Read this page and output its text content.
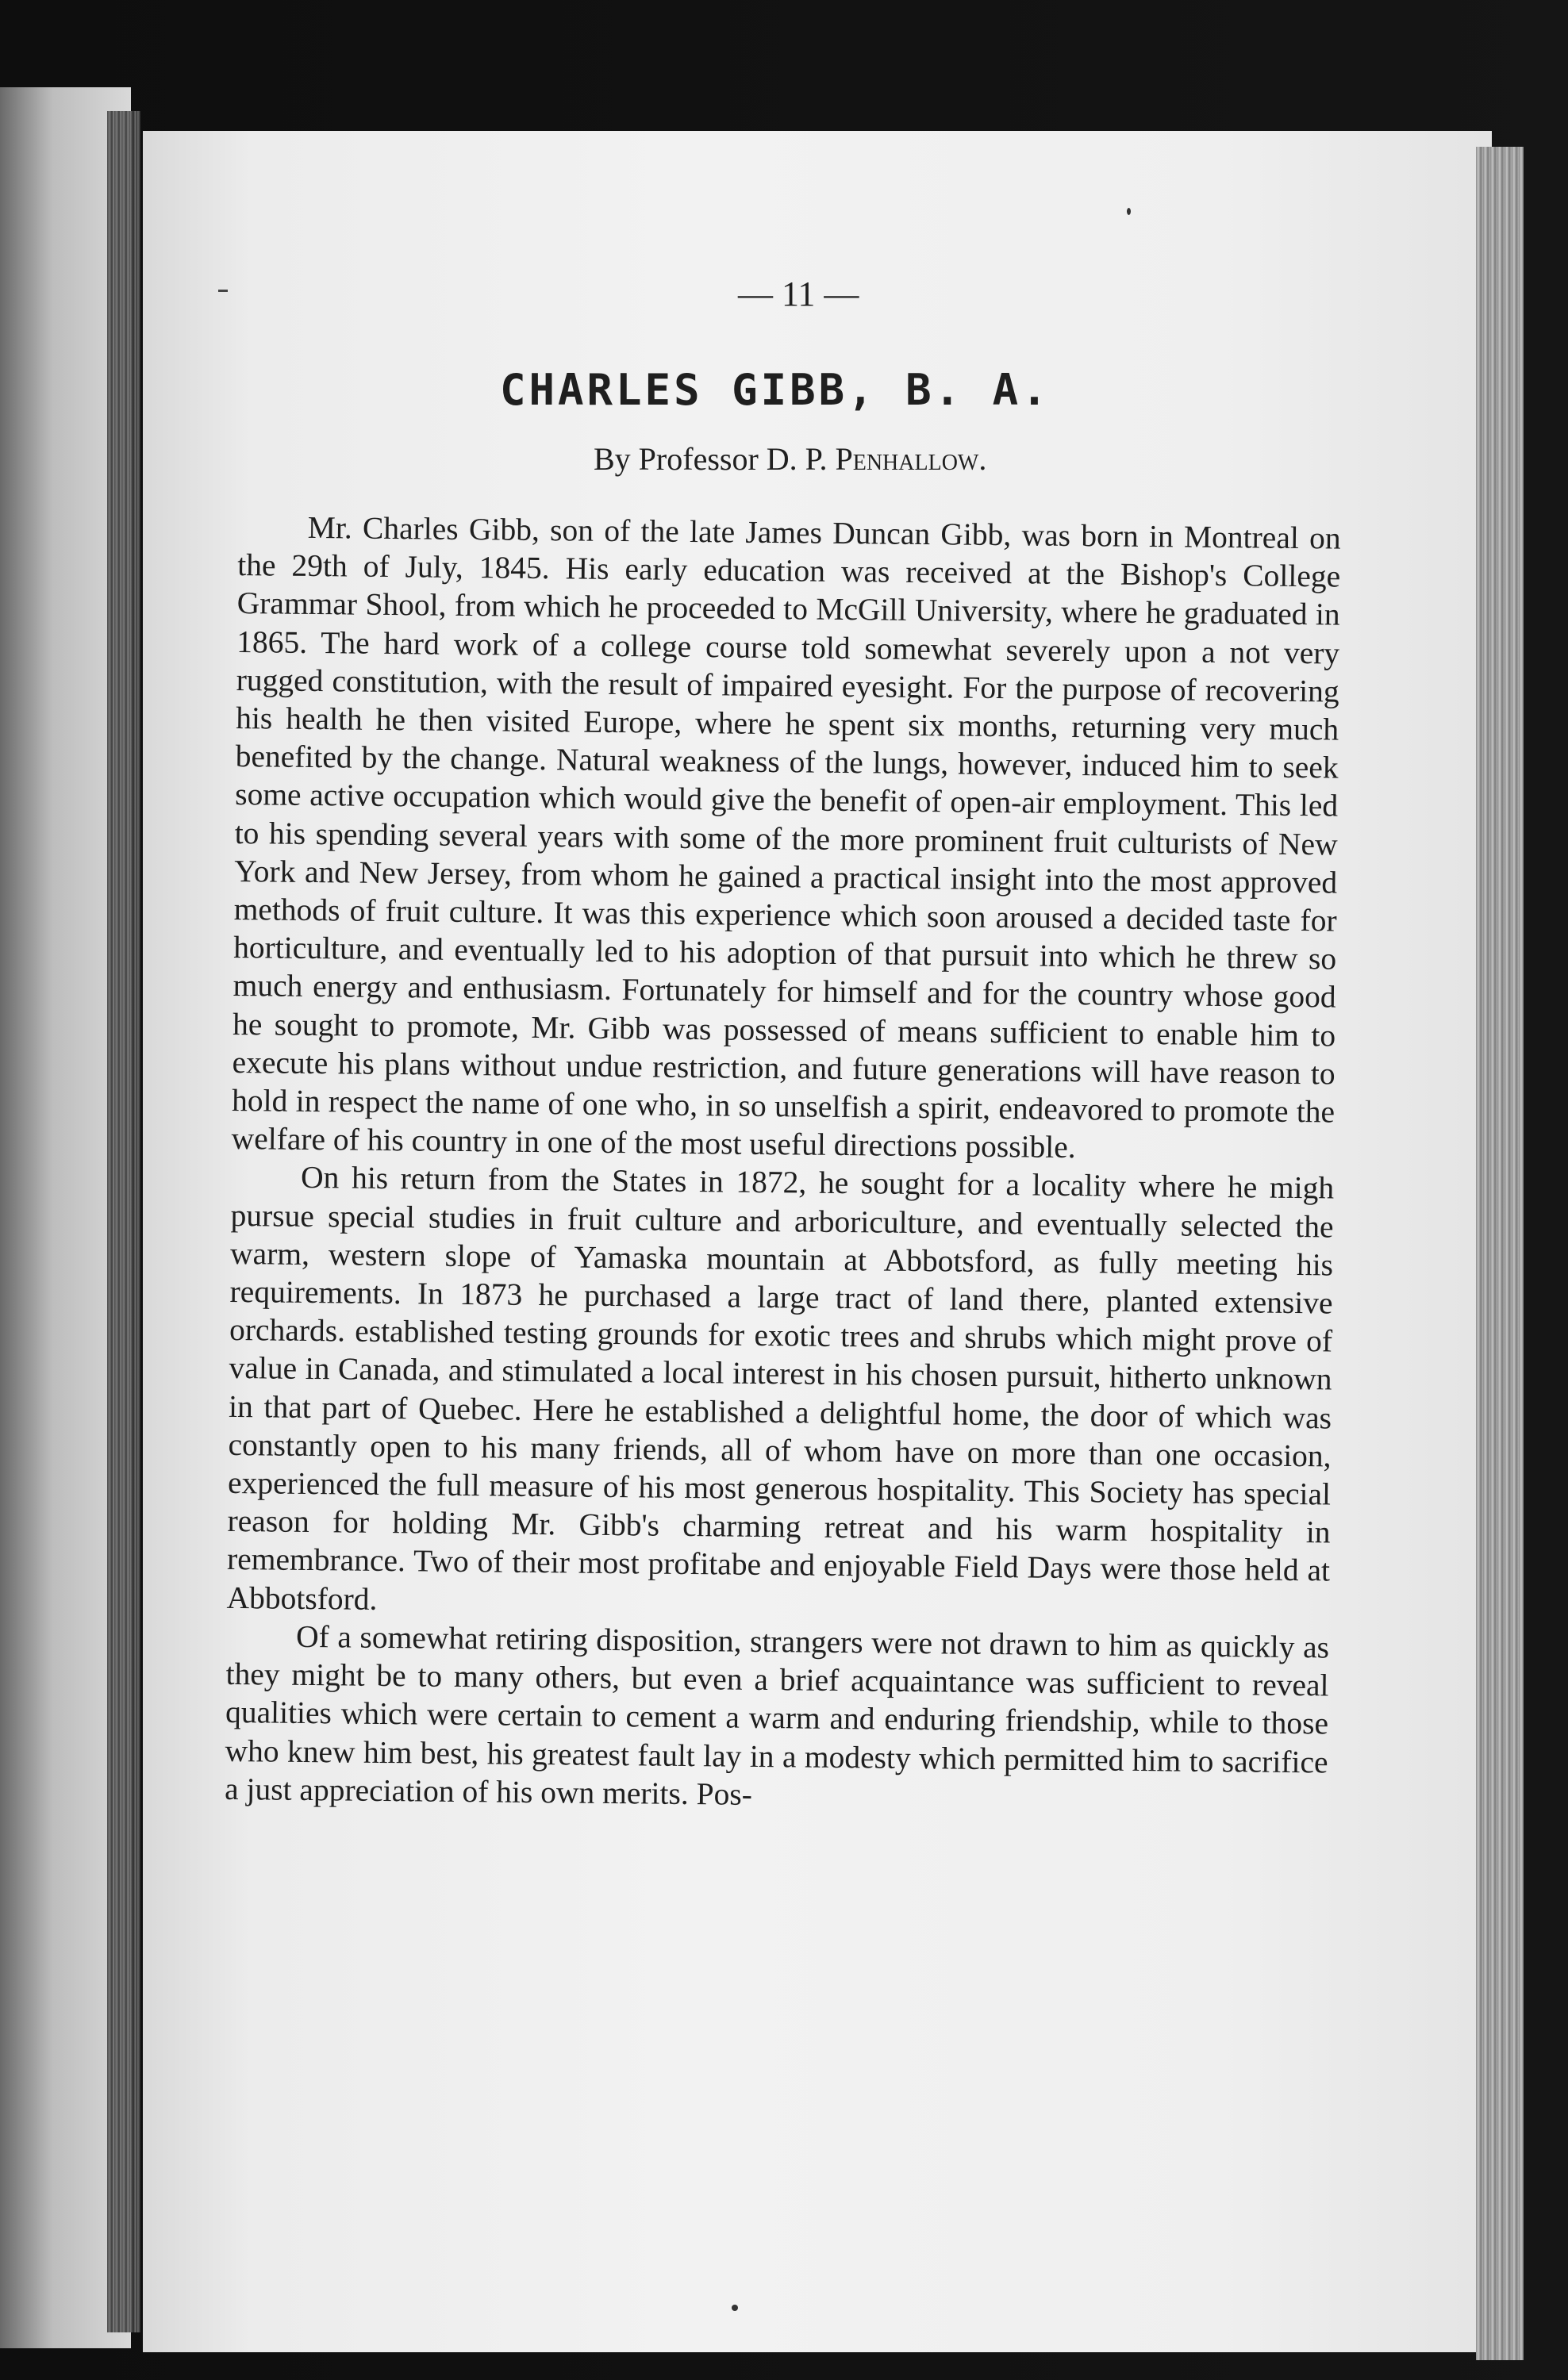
— 11 —
CHARLES GIBB, B. A.
By Professor D. P. Penhallow.

Mr. Charles Gibb, son of the late James Duncan Gibb, was born in Montreal on the 29th of July, 1845. His early education was received at the Bishop's College Grammar Shool, from which he proceeded to McGill University, where he graduated in 1865. The hard work of a college course told somewhat severely upon a not very rugged constitution, with the result of impaired eyesight. For the purpose of recovering his health he then visited Europe, where he spent six months, returning very much benefited by the change. Natural weakness of the lungs, however, induced him to seek some active occupation which would give the benefit of open-air employment. This led to his spending several years with some of the more prominent fruit culturists of New York and New Jersey, from whom he gained a practical insight into the most approved methods of fruit culture. It was this experience which soon aroused a decided taste for horticulture, and eventually led to his adoption of that pursuit into which he threw so much energy and enthusiasm. Fortunately for himself and for the country whose good he sought to promote, Mr. Gibb was possessed of means sufficient to enable him to execute his plans without undue restriction, and future generations will have reason to hold in respect the name of one who, in so unselfish a spirit, endeavored to promote the welfare of his country in one of the most useful directions possible.

On his return from the States in 1872, he sought for a locality where he migh pursue special studies in fruit culture and arboriculture, and eventually selected the warm, western slope of Yamaska mountain at Abbotsford, as fully meeting his requirements. In 1873 he purchased a large tract of land there, planted extensive orchards. established testing grounds for exotic trees and shrubs which might prove of value in Canada, and stimulated a local interest in his chosen pursuit, hitherto unknown in that part of Quebec. Here he established a delightful home, the door of which was constantly open to his many friends, all of whom have on more than one occasion, experienced the full measure of his most generous hospitality. This Society has special reason for holding Mr. Gibb's charming retreat and his warm hospitality in remembrance. Two of their most profitabe and enjoyable Field Days were those held at Abbotsford.

Of a somewhat retiring disposition, strangers were not drawn to him as quickly as they might be to many others, but even a brief acquaintance was sufficient to reveal qualities which were certain to cement a warm and enduring friendship, while to those who knew him best, his greatest fault lay in a modesty which permitted him to sacrifice a just appreciation of his own merits. Pos-
